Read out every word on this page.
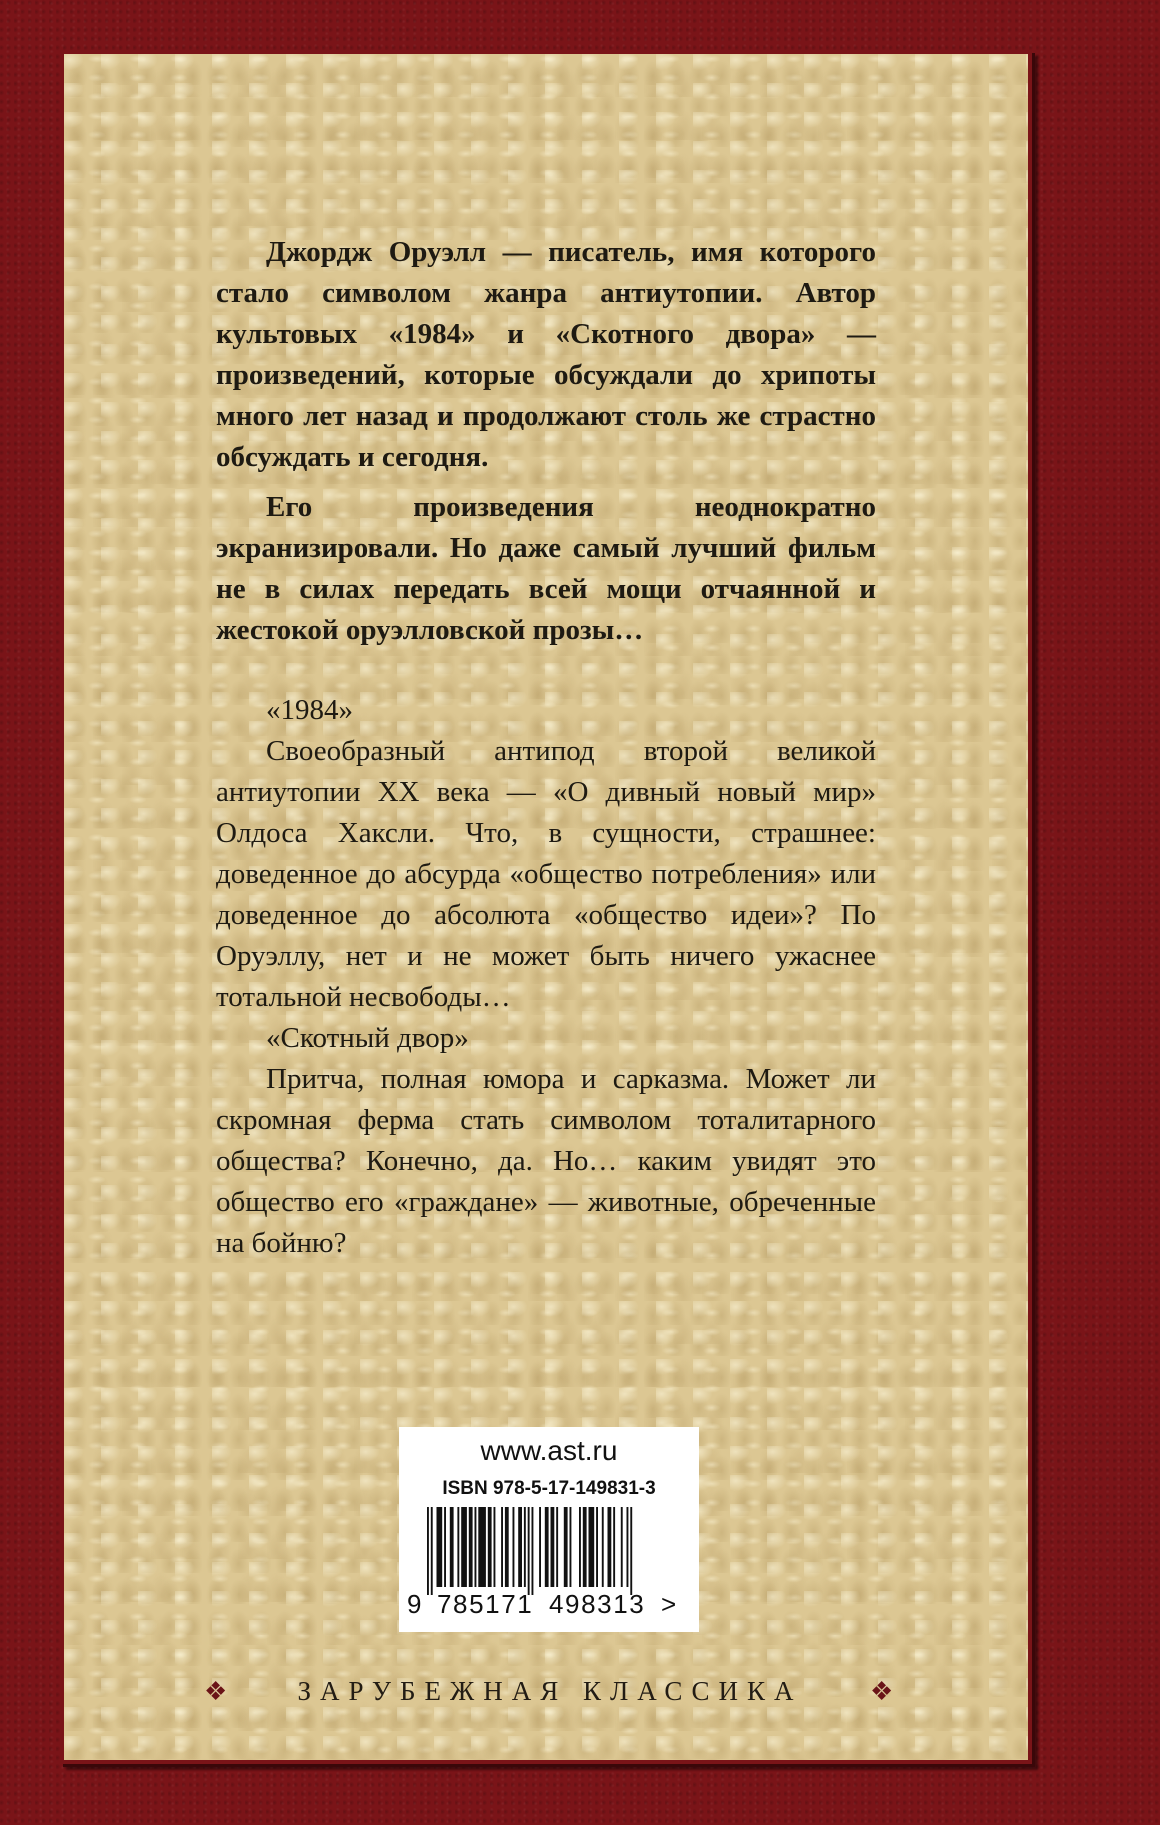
Джордж Оруэлл — писатель, имя которого стало символом жанра антиутопии. Автор культовых «1984» и «Скотного двора» — произведений, которые обсуждали до хрипоты много лет назад и продолжают столь же страстно обсуждать и сегодня.

Его произведения неоднократно экранизировали. Но даже самый лучший фильм не в силах передать всей мощи отчаянной и жестокой оруэлловской прозы…

«1984»

Своеобразный антипод второй великой антиутопии XX века — «О дивный новый мир» Олдоса Хаксли. Что, в сущности, страшнее: доведенное до абсурда «общество потребления» или доведенное до абсолюта «общество идеи»? По Оруэллу, нет и не может быть ничего ужаснее тотальной несвободы…

«Скотный двор»

Притча, полная юмора и сарказма. Может ли скромная ферма стать символом тоталитарного общества? Конечно, да. Но… каким увидят это общество его «граждане» — животные, обреченные на бойню?

www.ast.ru
ISBN 978-5-17-149831-3
9 785171 498313 >
❖	ЗАРУБЕЖНАЯ КЛАССИКА	❖
